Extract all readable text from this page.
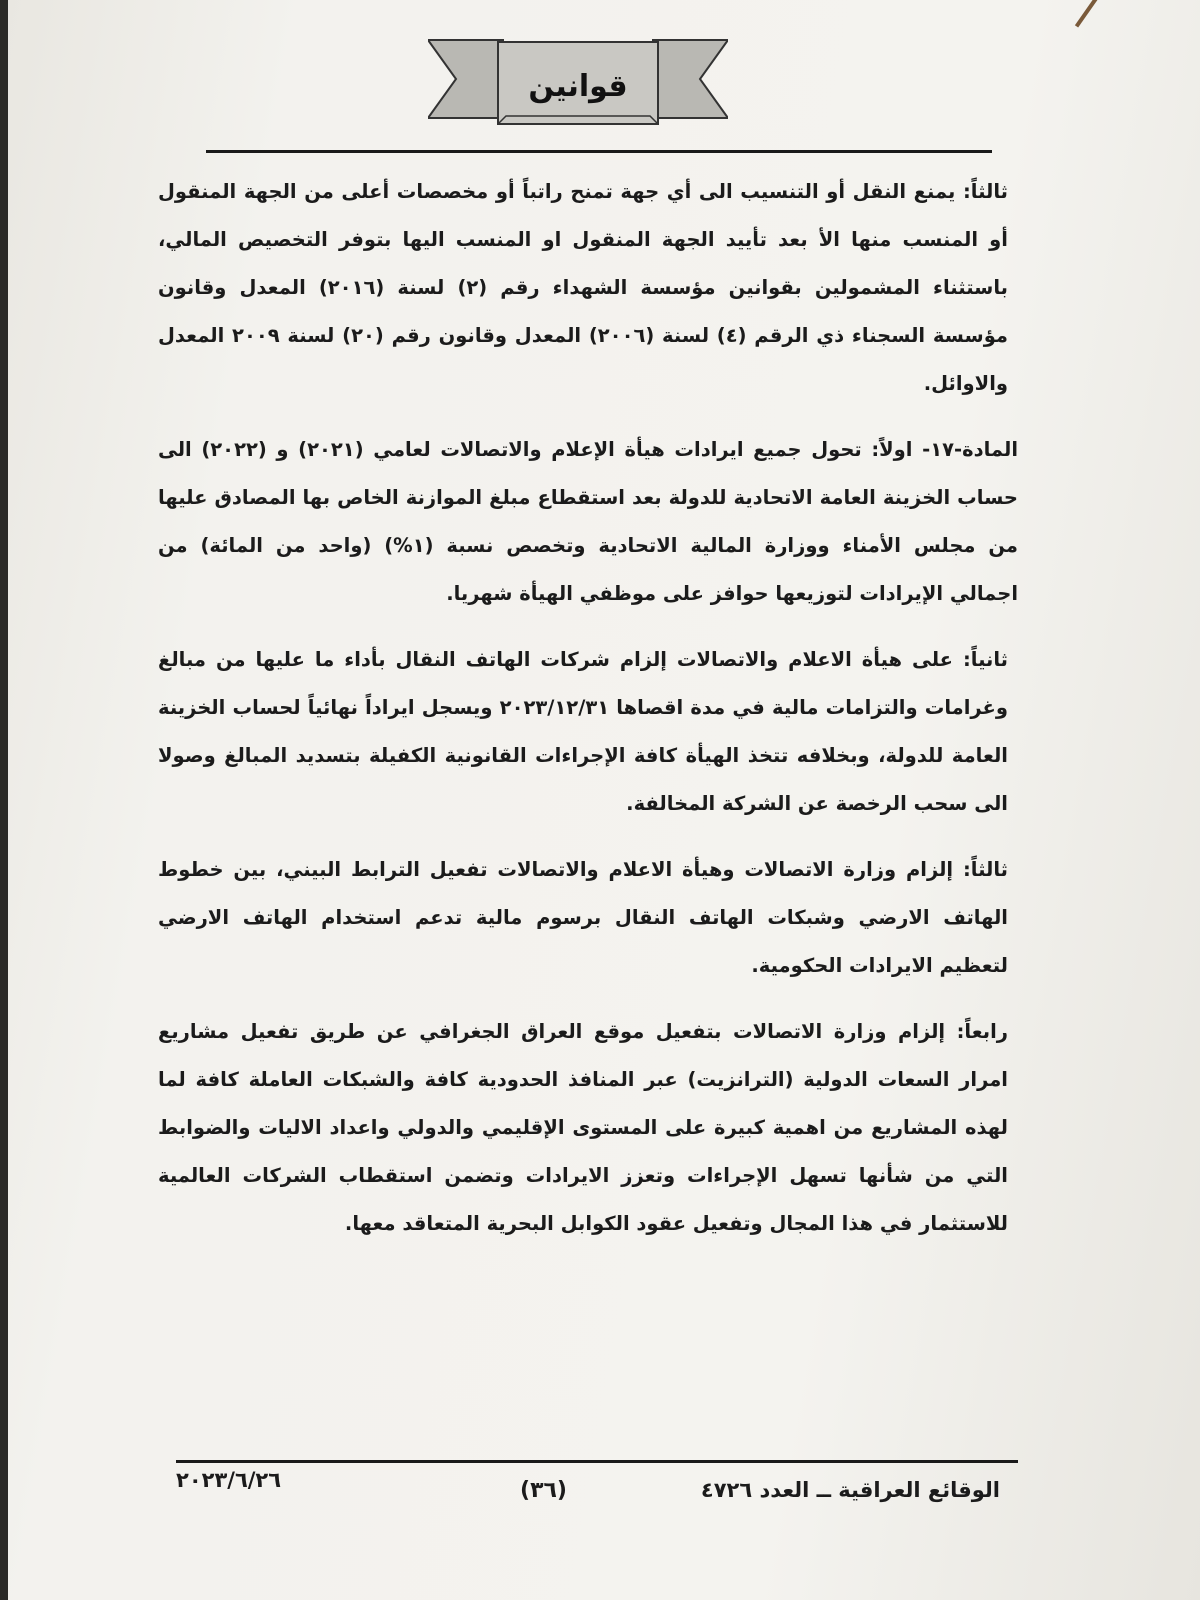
قوانين

ثالثاً: يمنع النقل أو التنسيب الى أي جهة تمنح راتباً أو مخصصات أعلى من الجهة المنقول أو المنسب منها الأ بعد تأييد الجهة المنقول او المنسب اليها بتوفر التخصيص المالي، باستثناء المشمولين بقوانين مؤسسة الشهداء رقم (٢) لسنة (٢٠١٦) المعدل وقانون مؤسسة السجناء ذي الرقم (٤) لسنة (٢٠٠٦) المعدل وقانون رقم (٢٠) لسنة ٢٠٠٩ المعدل والاوائل.

المادة-١٧- اولاً: تحول جميع ايرادات هيأة الإعلام والاتصالات لعامي (٢٠٢١) و (٢٠٢٢) الى حساب الخزينة العامة الاتحادية للدولة بعد استقطاع مبلغ الموازنة الخاص بها المصادق عليها من مجلس الأمناء ووزارة المالية الاتحادية وتخصص نسبة (١%) (واحد من المائة) من اجمالي الإيرادات لتوزيعها حوافز على موظفي الهيأة شهريا.

ثانياً: على هيأة الاعلام والاتصالات إلزام شركات الهاتف النقال بأداء ما عليها من مبالغ وغرامات والتزامات مالية في مدة اقصاها ٢٠٢٣/١٢/٣١ ويسجل ايراداً نهائياً لحساب الخزينة العامة للدولة، وبخلافه تتخذ الهيأة كافة الإجراءات القانونية الكفيلة بتسديد المبالغ وصولا الى سحب الرخصة عن الشركة المخالفة.

ثالثاً: إلزام وزارة الاتصالات وهيأة الاعلام والاتصالات تفعيل الترابط البيني، بين خطوط الهاتف الارضي وشبكات الهاتف النقال برسوم مالية تدعم استخدام الهاتف الارضي لتعظيم الايرادات الحكومية.

رابعاً: إلزام وزارة الاتصالات بتفعيل موقع العراق الجغرافي عن طريق تفعيل مشاريع امرار السعات الدولية (الترانزيت) عبر المنافذ الحدودية كافة والشبكات العاملة كافة لما لهذه المشاريع من اهمية كبيرة على المستوى الإقليمي والدولي واعداد الاليات والضوابط التي من شأنها تسهل الإجراءات وتعزز الايرادات وتضمن استقطاب الشركات العالمية للاستثمار في هذا المجال وتفعيل عقود الكوابل البحرية المتعاقد معها.

٢٠٢٣/٦/٢٦	(٣٦)	الوقائع العراقية ــ العدد ٤٧٢٦
